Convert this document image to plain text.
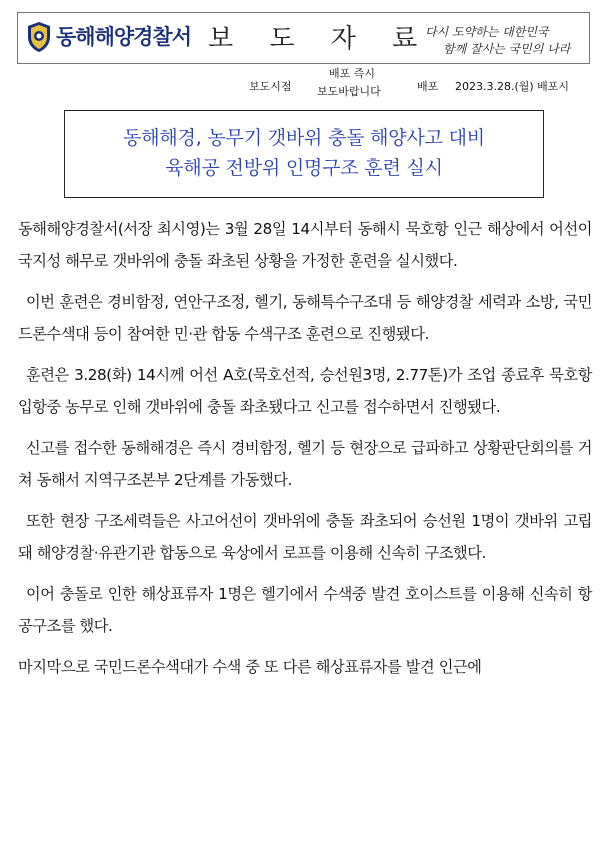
동해해양경찰서 보 도 자 료
다시 도약하는 대한민국
함께 잘사는 국민의 나라
보도시점
배포 즉시
보도바랍니다	배포 2023.3.28.(월) 배포시
동해해경, 농무기 갯바위 충돌 해양사고 대비
육해공 전방위 인명구조 훈련 실시

동해해양경찰서(서장 최시영)는 3월 28일 14시부터 동해시 묵호항 인근 해상에서 어선이 국지성 해무로 갯바위에 충돌 좌초된 상황을 가정한 훈련을 실시했다.

이번 훈련은 경비함정, 연안구조정, 헬기, 동해특수구조대 등 해양경찰 세력과 소방, 국민드론수색대 등이 참여한 민·관 합동 수색구조 훈련으로 진행됐다.

훈련은 3.28(화) 14시께 어선 A호(묵호선적, 승선원3명, 2.77톤)가 조업 종료후 묵호항 입항중 농무로 인해 갯바위에 충돌 좌초됐다고 신고를 접수하면서 진행됐다.

신고를 접수한 동해해경은 즉시 경비함정, 헬기 등 현장으로 급파하고 상황판단회의를 거쳐 동해서 지역구조본부 2단계를 가동했다.

또한 현장 구조세력들은 사고어선이 갯바위에 충돌 좌초되어 승선원 1명이 갯바위 고립돼 해양경찰·유관기관 합동으로 육상에서 로프를 이용해 신속히 구조했다.

이어 충돌로 인한 해상표류자 1명은 헬기에서 수색중 발견 호이스트를 이용해 신속히 항공구조를 했다.

마지막으로 국민드론수색대가 수색 중 또 다른 해상표류자를 발견 인근에
